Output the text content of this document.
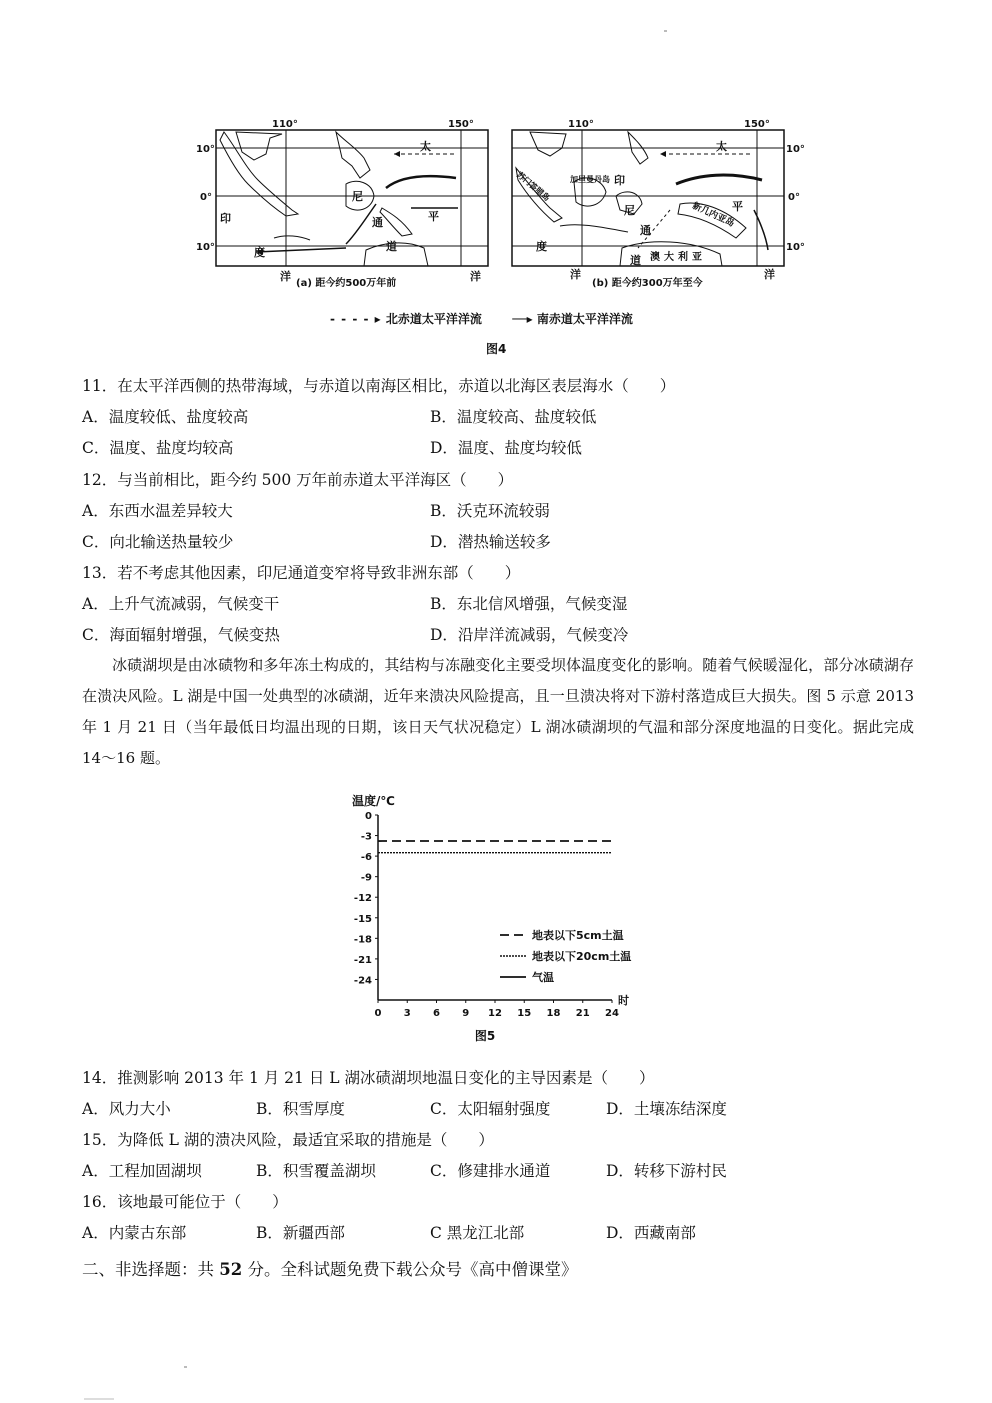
110°	150°
10°
0°
10°
印
度
洋	洋
尼
通
道
平
太
(a) 距今约500万年前
110°	150°
10°
0°
10°
苏门答腊岛 加里曼丹岛 印
尼
通
道
度
洋	洋
澳大利亚
新几内亚岛
平
太
(b) 距今约300万年至今
- - - - ▸ 北赤道太平洋洋流	──▸ 南赤道太平洋洋流
图4
11．在太平洋西侧的热带海域，与赤道以南海区相比，赤道以北海区表层海水（　　）
A．温度较低、盐度较高	B．温度较高、盐度较低
C．温度、盐度均较高	D．温度、盐度均较低
12．与当前相比，距今约 500 万年前赤道太平洋海区（　　）
A．东西水温差异较大	B．沃克环流较弱
C．向北输送热量较少	D．潜热输送较多
13．若不考虑其他因素，印尼通道变窄将导致非洲东部（　　）
A．上升气流减弱，气候变干	B．东北信风增强，气候变湿
C．海面辐射增强，气候变热	D．沿岸洋流减弱，气候变冷
冰碛湖坝是由冰碛物和多年冻土构成的，其结构与冻融变化主要受坝体温度变化的影响。随着气候暖湿化，部分冰碛湖存在溃决风险。L 湖是中国一处典型的冰碛湖，近年来溃决风险提高，且一旦溃决将对下游村落造成巨大损失。图 5 示意 2013 年 1 月 21 日（当年最低日均温出现的日期，该日天气状况稳定）L 湖冰碛湖坝的气温和部分深度地温的日变化。据此完成 14～16 题。
温度/℃
时
0
-3
-6
-9
-12
-15
-18
-21
-24
0 3 6 9 12 15 18 21 24
地表以下5cm土温
地表以下20cm土温
气温
图5
14．推测影响 2013 年 1 月 21 日 L 湖冰碛湖坝地温日变化的主导因素是（　　）
A．风力大小	B．积雪厚度	C．太阳辐射强度	D．土壤冻结深度
15．为降低 L 湖的溃决风险，最适宜采取的措施是（　　）
A．工程加固湖坝	B．积雪覆盖湖坝	C．修建排水通道	D．转移下游村民
16．该地最可能位于（　　）
A．内蒙古东部	B．新疆西部	C 黑龙江北部	D．西藏南部
二、非选择题：共 52 分。全科试题免费下载公众号《高中僧课堂》
